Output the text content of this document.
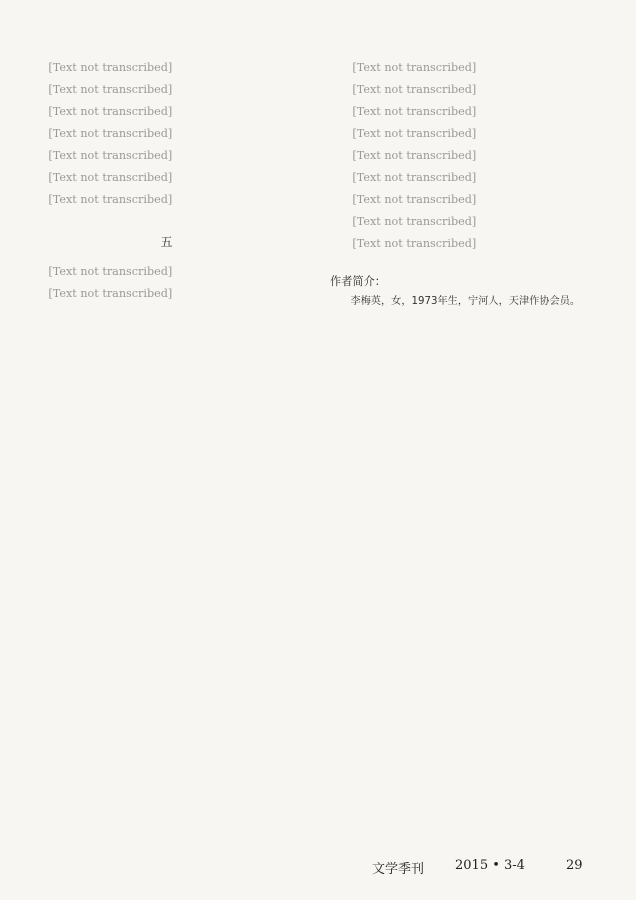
[Text not transcribed]

[Text not transcribed]

[Text not transcribed]

[Text not transcribed]

[Text not transcribed]

[Text not transcribed]

[Text not transcribed]

五

[Text not transcribed]

[Text not transcribed]

[Text not transcribed]

[Text not transcribed]

[Text not transcribed]

[Text not transcribed]

[Text not transcribed]

[Text not transcribed]

[Text not transcribed]

[Text not transcribed]

[Text not transcribed]

作者简介：

李梅英，女，1973年生，宁河人，天津作协会员。

文学季刊 2015 • 3-4	29
